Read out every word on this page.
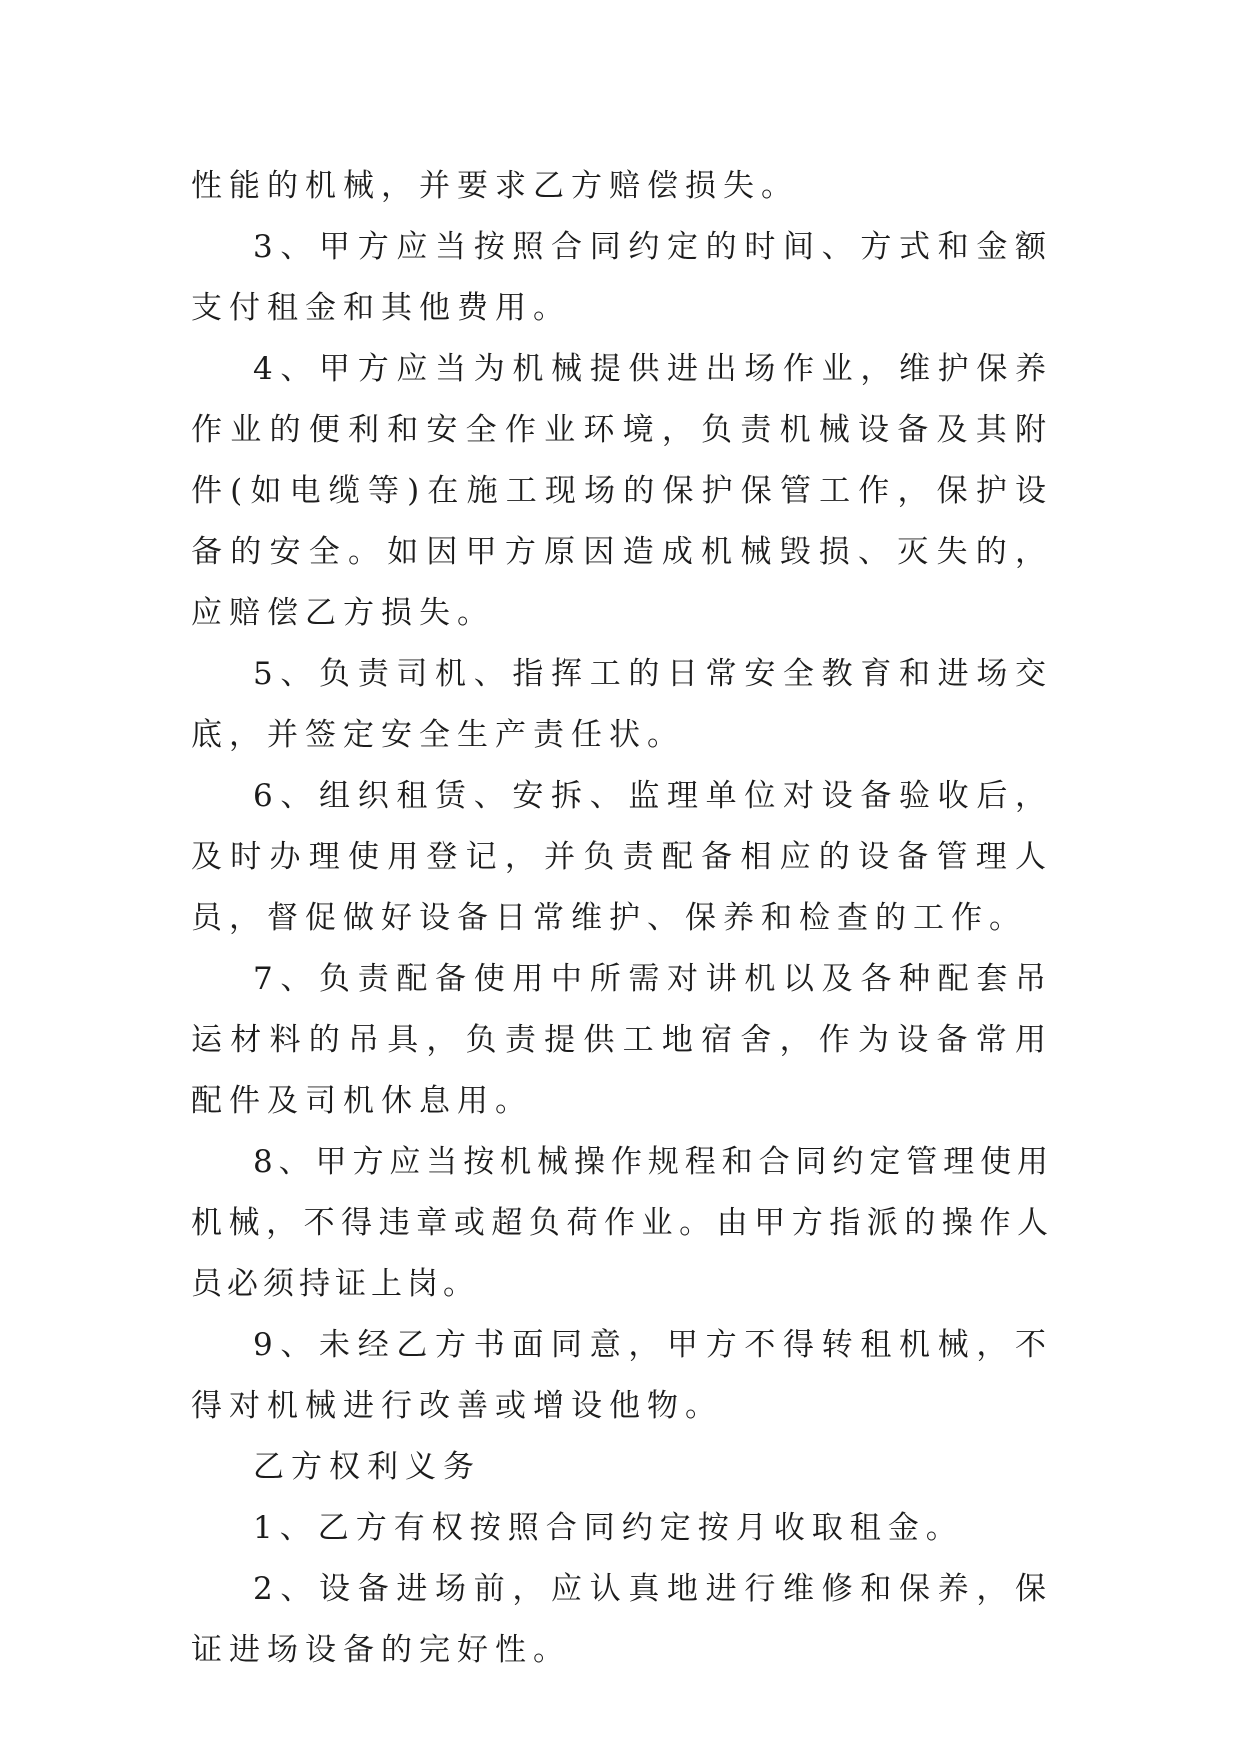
性能的机械，并要求乙方赔偿损失。

3、甲方应当按照合同约定的时间、方式和金额支付租金和其他费用。

4、甲方应当为机械提供进出场作业，维护保养作业的便利和安全作业环境，负责机械设备及其附件(如电缆等)在施工现场的保护保管工作，保护设备的安全。如因甲方原因造成机械毁损、灭失的，应赔偿乙方损失。

5、负责司机、指挥工的日常安全教育和进场交底，并签定安全生产责任状。

6、组织租赁、安拆、监理单位对设备验收后，及时办理使用登记，并负责配备相应的设备管理人员，督促做好设备日常维护、保养和检查的工作。

7、负责配备使用中所需对讲机以及各种配套吊运材料的吊具，负责提供工地宿舍，作为设备常用配件及司机休息用。

8、甲方应当按机械操作规程和合同约定管理使用机械，不得违章或超负荷作业。由甲方指派的操作人员必须持证上岗。

9、未经乙方书面同意，甲方不得转租机械，不得对机械进行改善或增设他物。

乙方权利义务

1、乙方有权按照合同约定按月收取租金。

2、设备进场前，应认真地进行维修和保养，保证进场设备的完好性。
